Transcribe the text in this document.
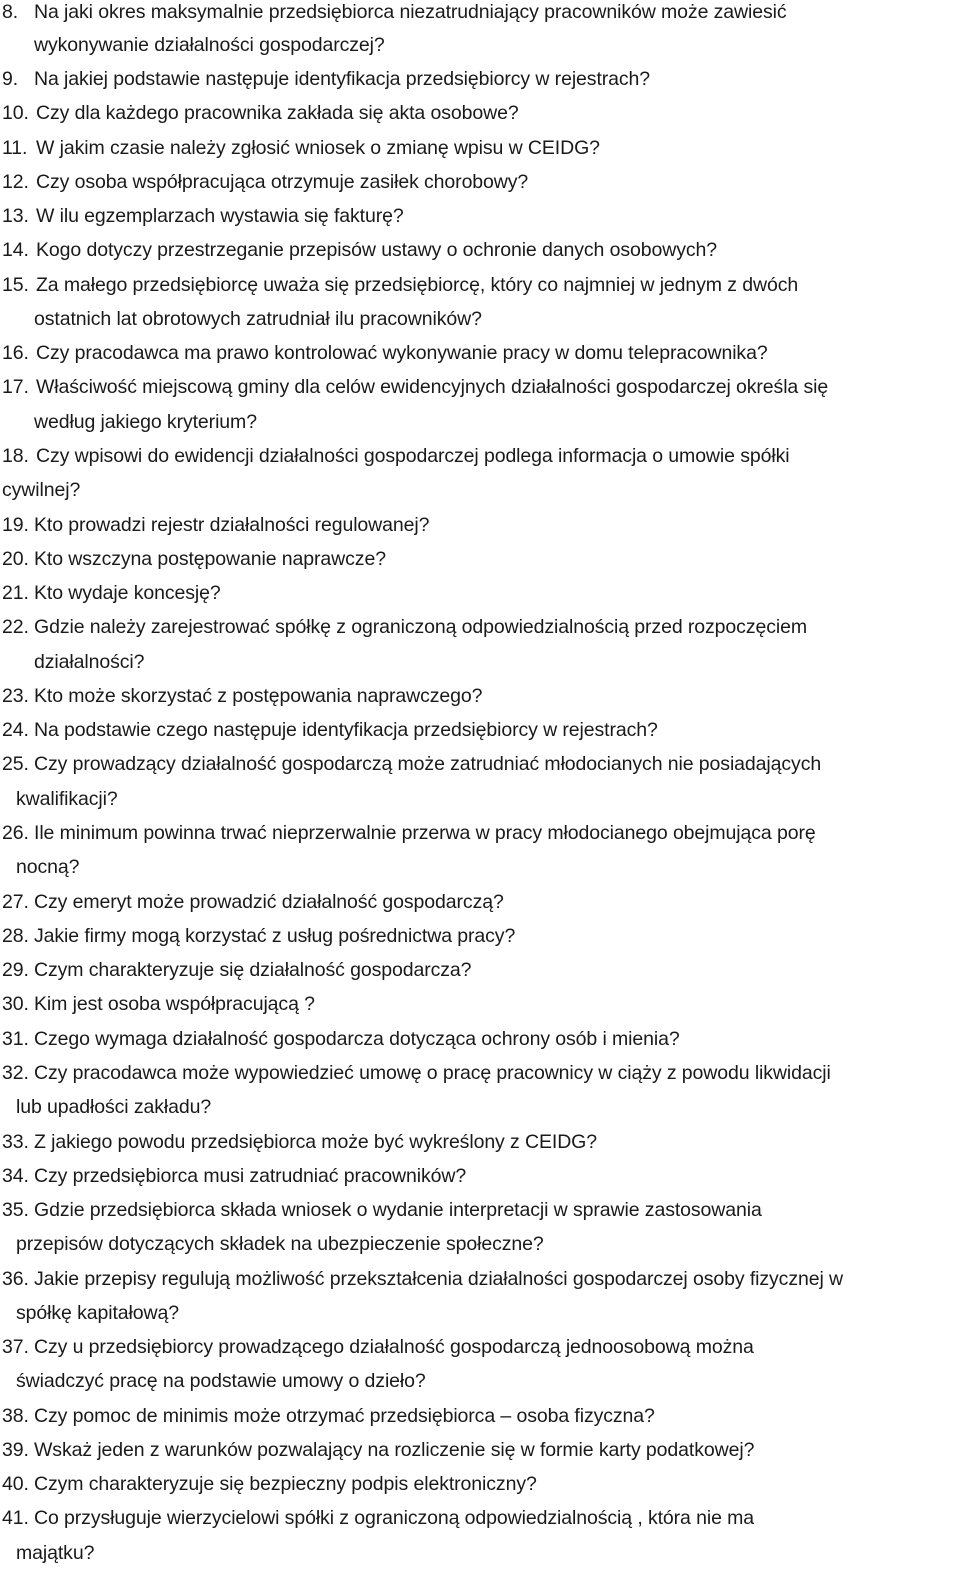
8. Na jaki okres maksymalnie przedsiębiorca niezatrudniający pracowników może zawiesić
wykonywanie działalności gospodarczej?
9. Na jakiej podstawie następuje identyfikacja przedsiębiorcy w rejestrach?
10. Czy dla każdego pracownika zakłada się akta osobowe?
11. W jakim czasie należy zgłosić wniosek o zmianę wpisu w CEIDG?
12. Czy osoba współpracująca otrzymuje zasiłek chorobowy?
13. W ilu egzemplarzach wystawia się fakturę?
14. Kogo dotyczy przestrzeganie przepisów ustawy o ochronie danych osobowych?
15. Za małego przedsiębiorcę uważa się przedsiębiorcę, który co najmniej w jednym z dwóch
ostatnich lat obrotowych zatrudniał ilu pracowników?
16. Czy pracodawca ma prawo kontrolować wykonywanie pracy w domu telepracownika?
17. Właściwość miejscową gminy dla celów ewidencyjnych działalności gospodarczej określa się
według jakiego kryterium?
18. Czy wpisowi do ewidencji działalności gospodarczej podlega informacja o umowie spółki
cywilnej?
19. Kto prowadzi rejestr działalności regulowanej?
20. Kto wszczyna postępowanie naprawcze?
21. Kto wydaje koncesję?
22. Gdzie należy zarejestrować spółkę z ograniczoną odpowiedzialnością przed rozpoczęciem
działalności?
23. Kto może skorzystać z postępowania naprawczego?
24. Na podstawie czego następuje identyfikacja przedsiębiorcy w rejestrach?
25. Czy prowadzący działalność gospodarczą może zatrudniać młodocianych nie posiadających
kwalifikacji?
26. Ile minimum powinna trwać nieprzerwalnie przerwa w pracy młodocianego obejmująca porę
nocną?
27. Czy emeryt może prowadzić działalność gospodarczą?
28. Jakie firmy mogą korzystać z usług pośrednictwa pracy?
29. Czym charakteryzuje się działalność gospodarcza?
30. Kim jest osoba współpracującą ?
31. Czego wymaga działalność gospodarcza dotycząca ochrony osób i mienia?
32. Czy pracodawca może wypowiedzieć umowę o pracę pracownicy w ciąży z powodu likwidacji
lub upadłości zakładu?
33. Z jakiego powodu przedsiębiorca może być wykreślony z CEIDG?
34. Czy przedsiębiorca musi zatrudniać pracowników?
35. Gdzie przedsiębiorca składa wniosek o wydanie interpretacji w sprawie zastosowania
przepisów dotyczących składek na ubezpieczenie społeczne?
36. Jakie przepisy regulują możliwość przekształcenia działalności gospodarczej osoby fizycznej w
spółkę kapitałową?
37. Czy u przedsiębiorcy prowadzącego działalność gospodarczą jednoosobową można
świadczyć pracę na podstawie umowy o dzieło?
38. Czy pomoc de minimis może otrzymać przedsiębiorca – osoba fizyczna?
39. Wskaż jeden z warunków pozwalający na rozliczenie się w formie karty podatkowej?
40. Czym charakteryzuje się bezpieczny podpis elektroniczny?
41. Co przysługuje wierzycielowi spółki z ograniczoną odpowiedzialnością , która nie ma
majątku?
